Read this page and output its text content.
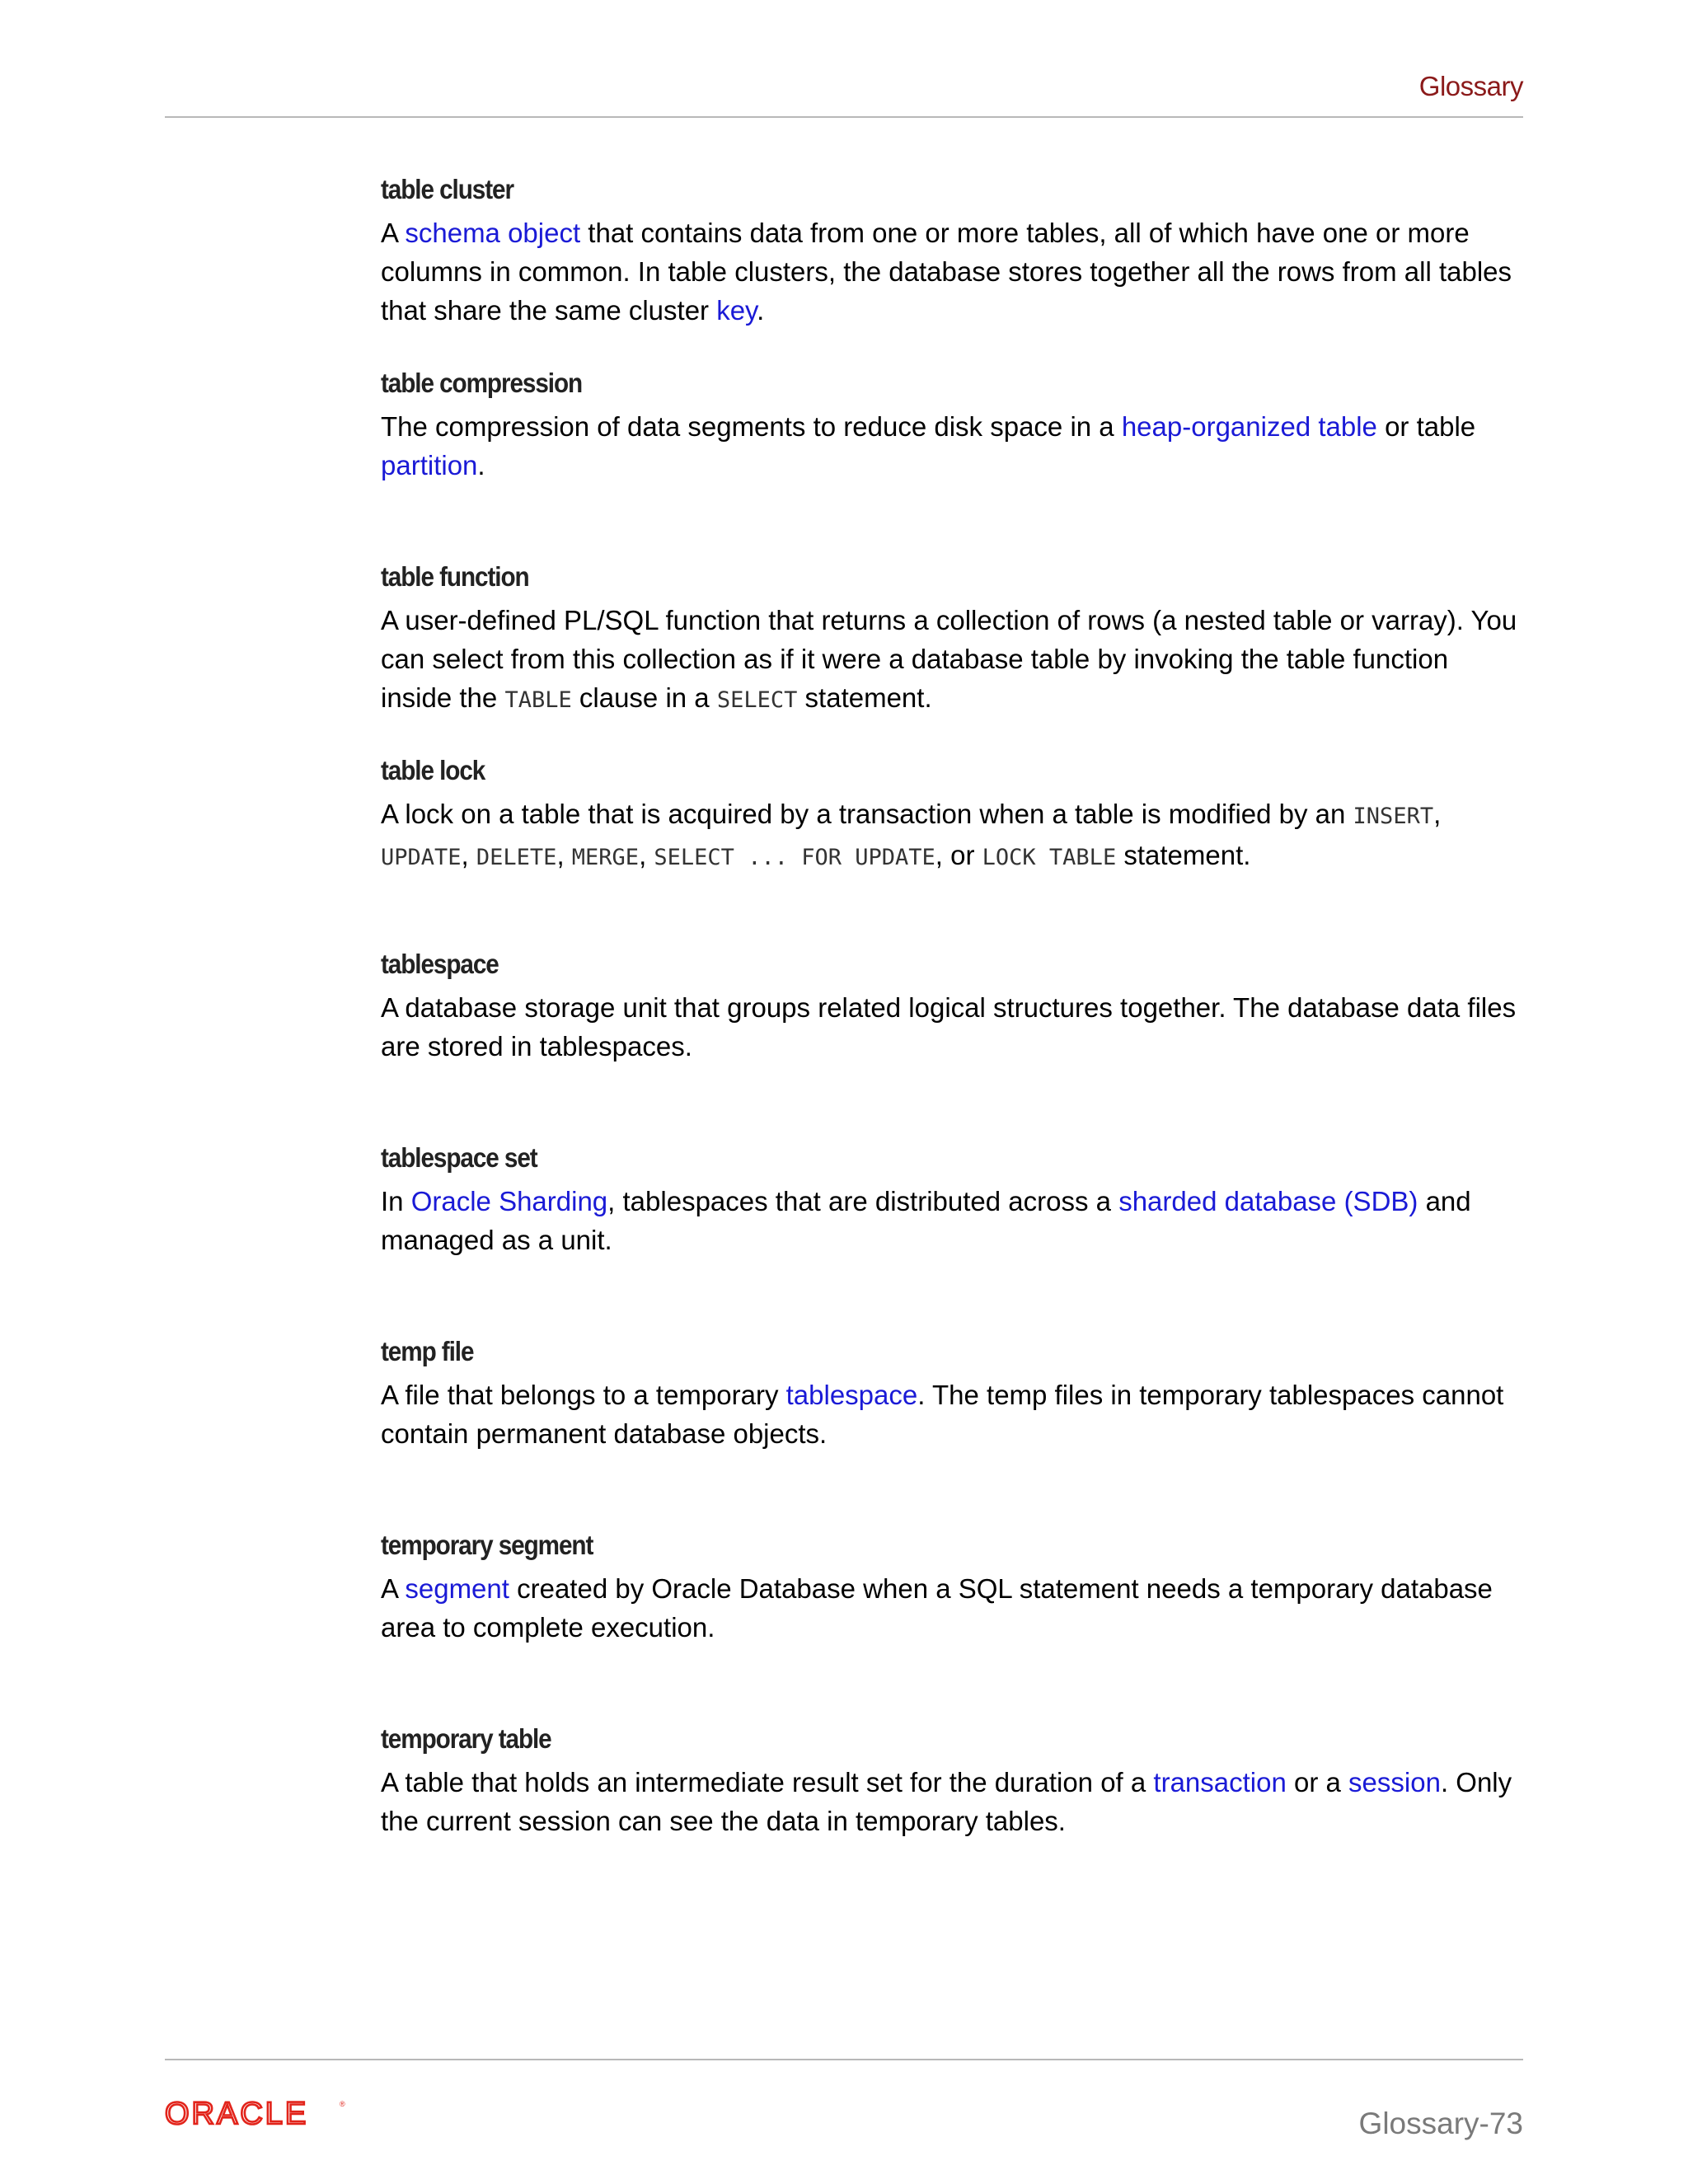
Glossary
table cluster

A schema object that contains data from one or more tables, all of which have one or more columns in common. In table clusters, the database stores together all the rows from all tables that share the same cluster key.

table compression

The compression of data segments to reduce disk space in a heap-organized table or table partition.

table function

A user-defined PL/SQL function that returns a collection of rows (a nested table or varray). You can select from this collection as if it were a database table by invoking the table function inside the TABLE clause in a SELECT statement.

table lock

A lock on a table that is acquired by a transaction when a table is modified by an INSERT, UPDATE, DELETE, MERGE, SELECT ... FOR UPDATE, or LOCK TABLE statement.

tablespace

A database storage unit that groups related logical structures together. The database data files are stored in tablespaces.

tablespace set

In Oracle Sharding, tablespaces that are distributed across a sharded database (SDB) and managed as a unit.

temp file

A file that belongs to a temporary tablespace. The temp files in temporary tablespaces cannot contain permanent database objects.

temporary segment

A segment created by Oracle Database when a SQL statement needs a temporary database area to complete execution.

temporary table

A table that holds an intermediate result set for the duration of a transaction or a session. Only the current session can see the data in temporary tables.

ORACLE	®
Glossary-73
